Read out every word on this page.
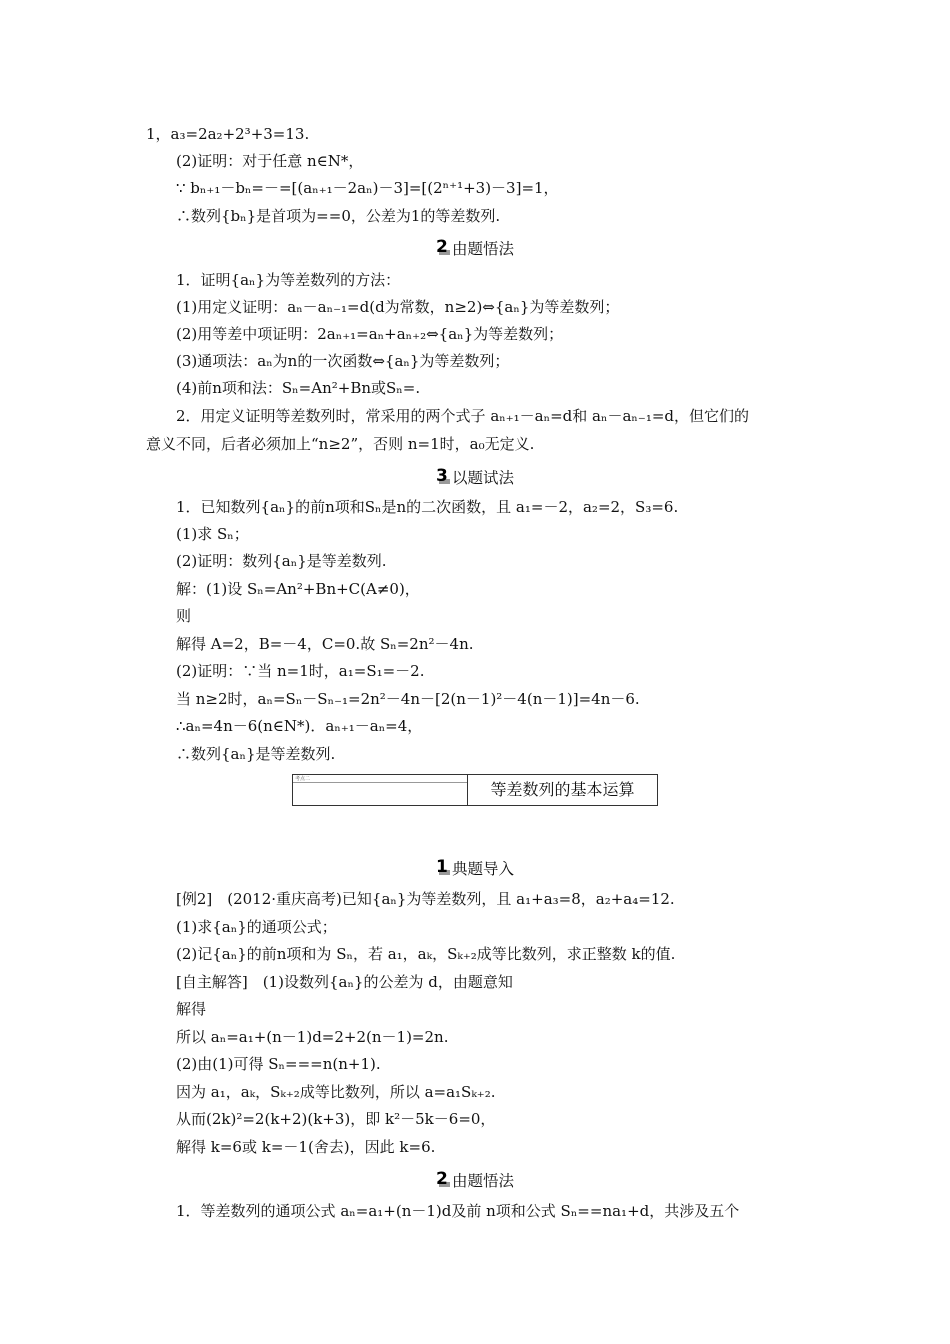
1，a₃=2a₂+2³+3=13.
(2)证明：对于任意 n∈N*，
∵ bₙ₊₁－bₙ=－=[(aₙ₊₁－2aₙ)－3]=[(2ⁿ⁺¹+3)－3]=1，
∴数列{bₙ}是首项为==0，公差为1的等差数列.
2 由题悟法
1．证明{aₙ}为等差数列的方法：
(1)用定义证明：aₙ－aₙ₋₁=d(d为常数，n≥2)⇔{aₙ}为等差数列；
(2)用等差中项证明：2aₙ₊₁=aₙ+aₙ₊₂⇔{aₙ}为等差数列；
(3)通项法：aₙ为n的一次函数⇔{aₙ}为等差数列；
(4)前n项和法：Sₙ=An²+Bn或Sₙ=.
2．用定义证明等差数列时，常采用的两个式子 aₙ₊₁－aₙ=d和 aₙ－aₙ₋₁=d，但它们的
意义不同，后者必须加上“n≥2”，否则 n=1时，a₀无定义.
3 以题试法
1．已知数列{aₙ}的前n项和Sₙ是n的二次函数，且 a₁=－2，a₂=2，S₃=6.
(1)求 Sₙ；
(2)证明：数列{aₙ}是等差数列.
解：(1)设 Sₙ=An²+Bn+C(A≠0)，
则
解得 A=2，B=－4，C=0.故 Sₙ=2n²－4n.
(2)证明：∵当 n=1时，a₁=S₁=－2.
当 n≥2时，aₙ=Sₙ－Sₙ₋₁=2n²－4n－[2(n－1)²－4(n－1)]=4n－6.
∴aₙ=4n－6(n∈N*)．aₙ₊₁－aₙ=4，
∴数列{aₙ}是等差数列.
考点二
等差数列的基本运算
1 典题导入
[例2]　(2012·重庆高考)已知{aₙ}为等差数列，且 a₁+a₃=8，a₂+a₄=12.
(1)求{aₙ}的通项公式；
(2)记{aₙ}的前n项和为 Sₙ，若 a₁，aₖ，Sₖ₊₂成等比数列，求正整数 k的值.
[自主解答]　(1)设数列{aₙ}的公差为 d，由题意知
解得
所以 aₙ=a₁+(n－1)d=2+2(n－1)=2n.
(2)由(1)可得 Sₙ===n(n+1).
因为 a₁，aₖ，Sₖ₊₂成等比数列，所以 a=a₁Sₖ₊₂.
从而(2k)²=2(k+2)(k+3)，即 k²－5k－6=0，
解得 k=6或 k=－1(舍去)，因此 k=6.
2 由题悟法
1．等差数列的通项公式 aₙ=a₁+(n－1)d及前 n项和公式 Sₙ==na₁+d，共涉及五个
